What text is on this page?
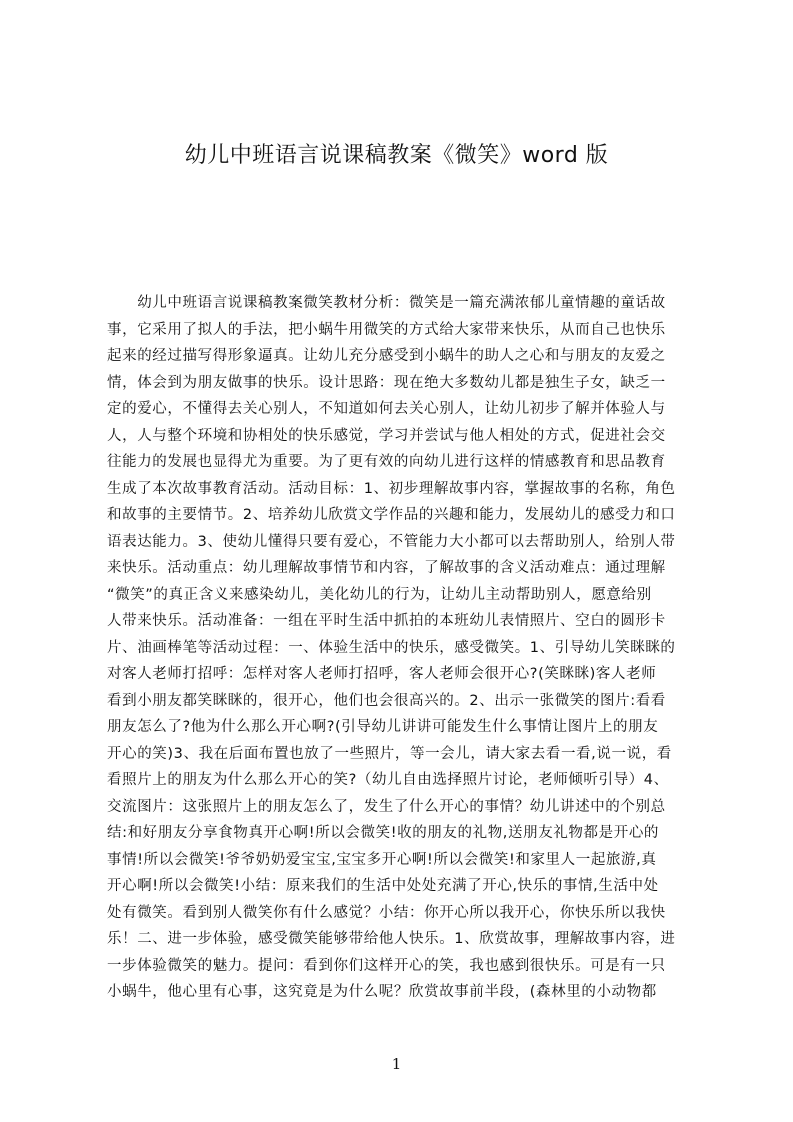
幼儿中班语言说课稿教案《微笑》word 版
　　幼儿中班语言说课稿教案微笑教材分析：微笑是一篇充满浓郁儿童情趣的童话故
事，它采用了拟人的手法，把小蜗牛用微笑的方式给大家带来快乐，从而自己也快乐
起来的经过描写得形象逼真。让幼儿充分感受到小蜗牛的助人之心和与朋友的友爱之
情，体会到为朋友做事的快乐。设计思路：现在绝大多数幼儿都是独生子女，缺乏一
定的爱心，不懂得去关心别人，不知道如何去关心别人，让幼儿初步了解并体验人与
人，人与整个环境和协相处的快乐感觉，学习并尝试与他人相处的方式，促进社会交
往能力的发展也显得尤为重要。为了更有效的向幼儿进行这样的情感教育和思品教育
生成了本次故事教育活动。活动目标：1、初步理解故事内容，掌握故事的名称，角色
和故事的主要情节。2、培养幼儿欣赏文学作品的兴趣和能力，发展幼儿的感受力和口
语表达能力。3、使幼儿懂得只要有爱心，不管能力大小都可以去帮助别人，给别人带
来快乐。活动重点：幼儿理解故事情节和内容，了解故事的含义活动难点：通过理解
“微笑”的真正含义来感染幼儿，美化幼儿的行为，让幼儿主动帮助别人，愿意给别
人带来快乐。活动准备：一组在平时生活中抓拍的本班幼儿表情照片、空白的圆形卡
片、油画棒笔等活动过程：一、体验生活中的快乐，感受微笑。1、引导幼儿笑眯眯的
对客人老师打招呼：怎样对客人老师打招呼，客人老师会很开心?(笑眯眯)客人老师
看到小朋友都笑眯眯的，很开心，他们也会很高兴的。2、出示一张微笑的图片:看看
朋友怎么了?他为什么那么开心啊?(引导幼儿讲讲可能发生什么事情让图片上的朋友
开心的笑)3、我在后面布置也放了一些照片，等一会儿，请大家去看一看,说一说，看
看照片上的朋友为什么那么开心的笑?（幼儿自由选择照片讨论，老师倾听引导）4、
交流图片：这张照片上的朋友怎么了，发生了什么开心的事情？幼儿讲述中的个别总
结:和好朋友分享食物真开心啊!所以会微笑!收的朋友的礼物,送朋友礼物都是开心的
事情!所以会微笑!爷爷奶奶爱宝宝,宝宝多开心啊!所以会微笑!和家里人一起旅游,真
开心啊!所以会微笑!小结：原来我们的生活中处处充满了开心,快乐的事情,生活中处
处有微笑。看到别人微笑你有什么感觉？小结：你开心所以我开心，你快乐所以我快
乐！二、进一步体验，感受微笑能够带给他人快乐。1、欣赏故事，理解故事内容，进
一步体验微笑的魅力。提问：看到你们这样开心的笑，我也感到很快乐。可是有一只
小蜗牛，他心里有心事，这究竟是为什么呢？欣赏故事前半段，(森林里的小动物都
1
